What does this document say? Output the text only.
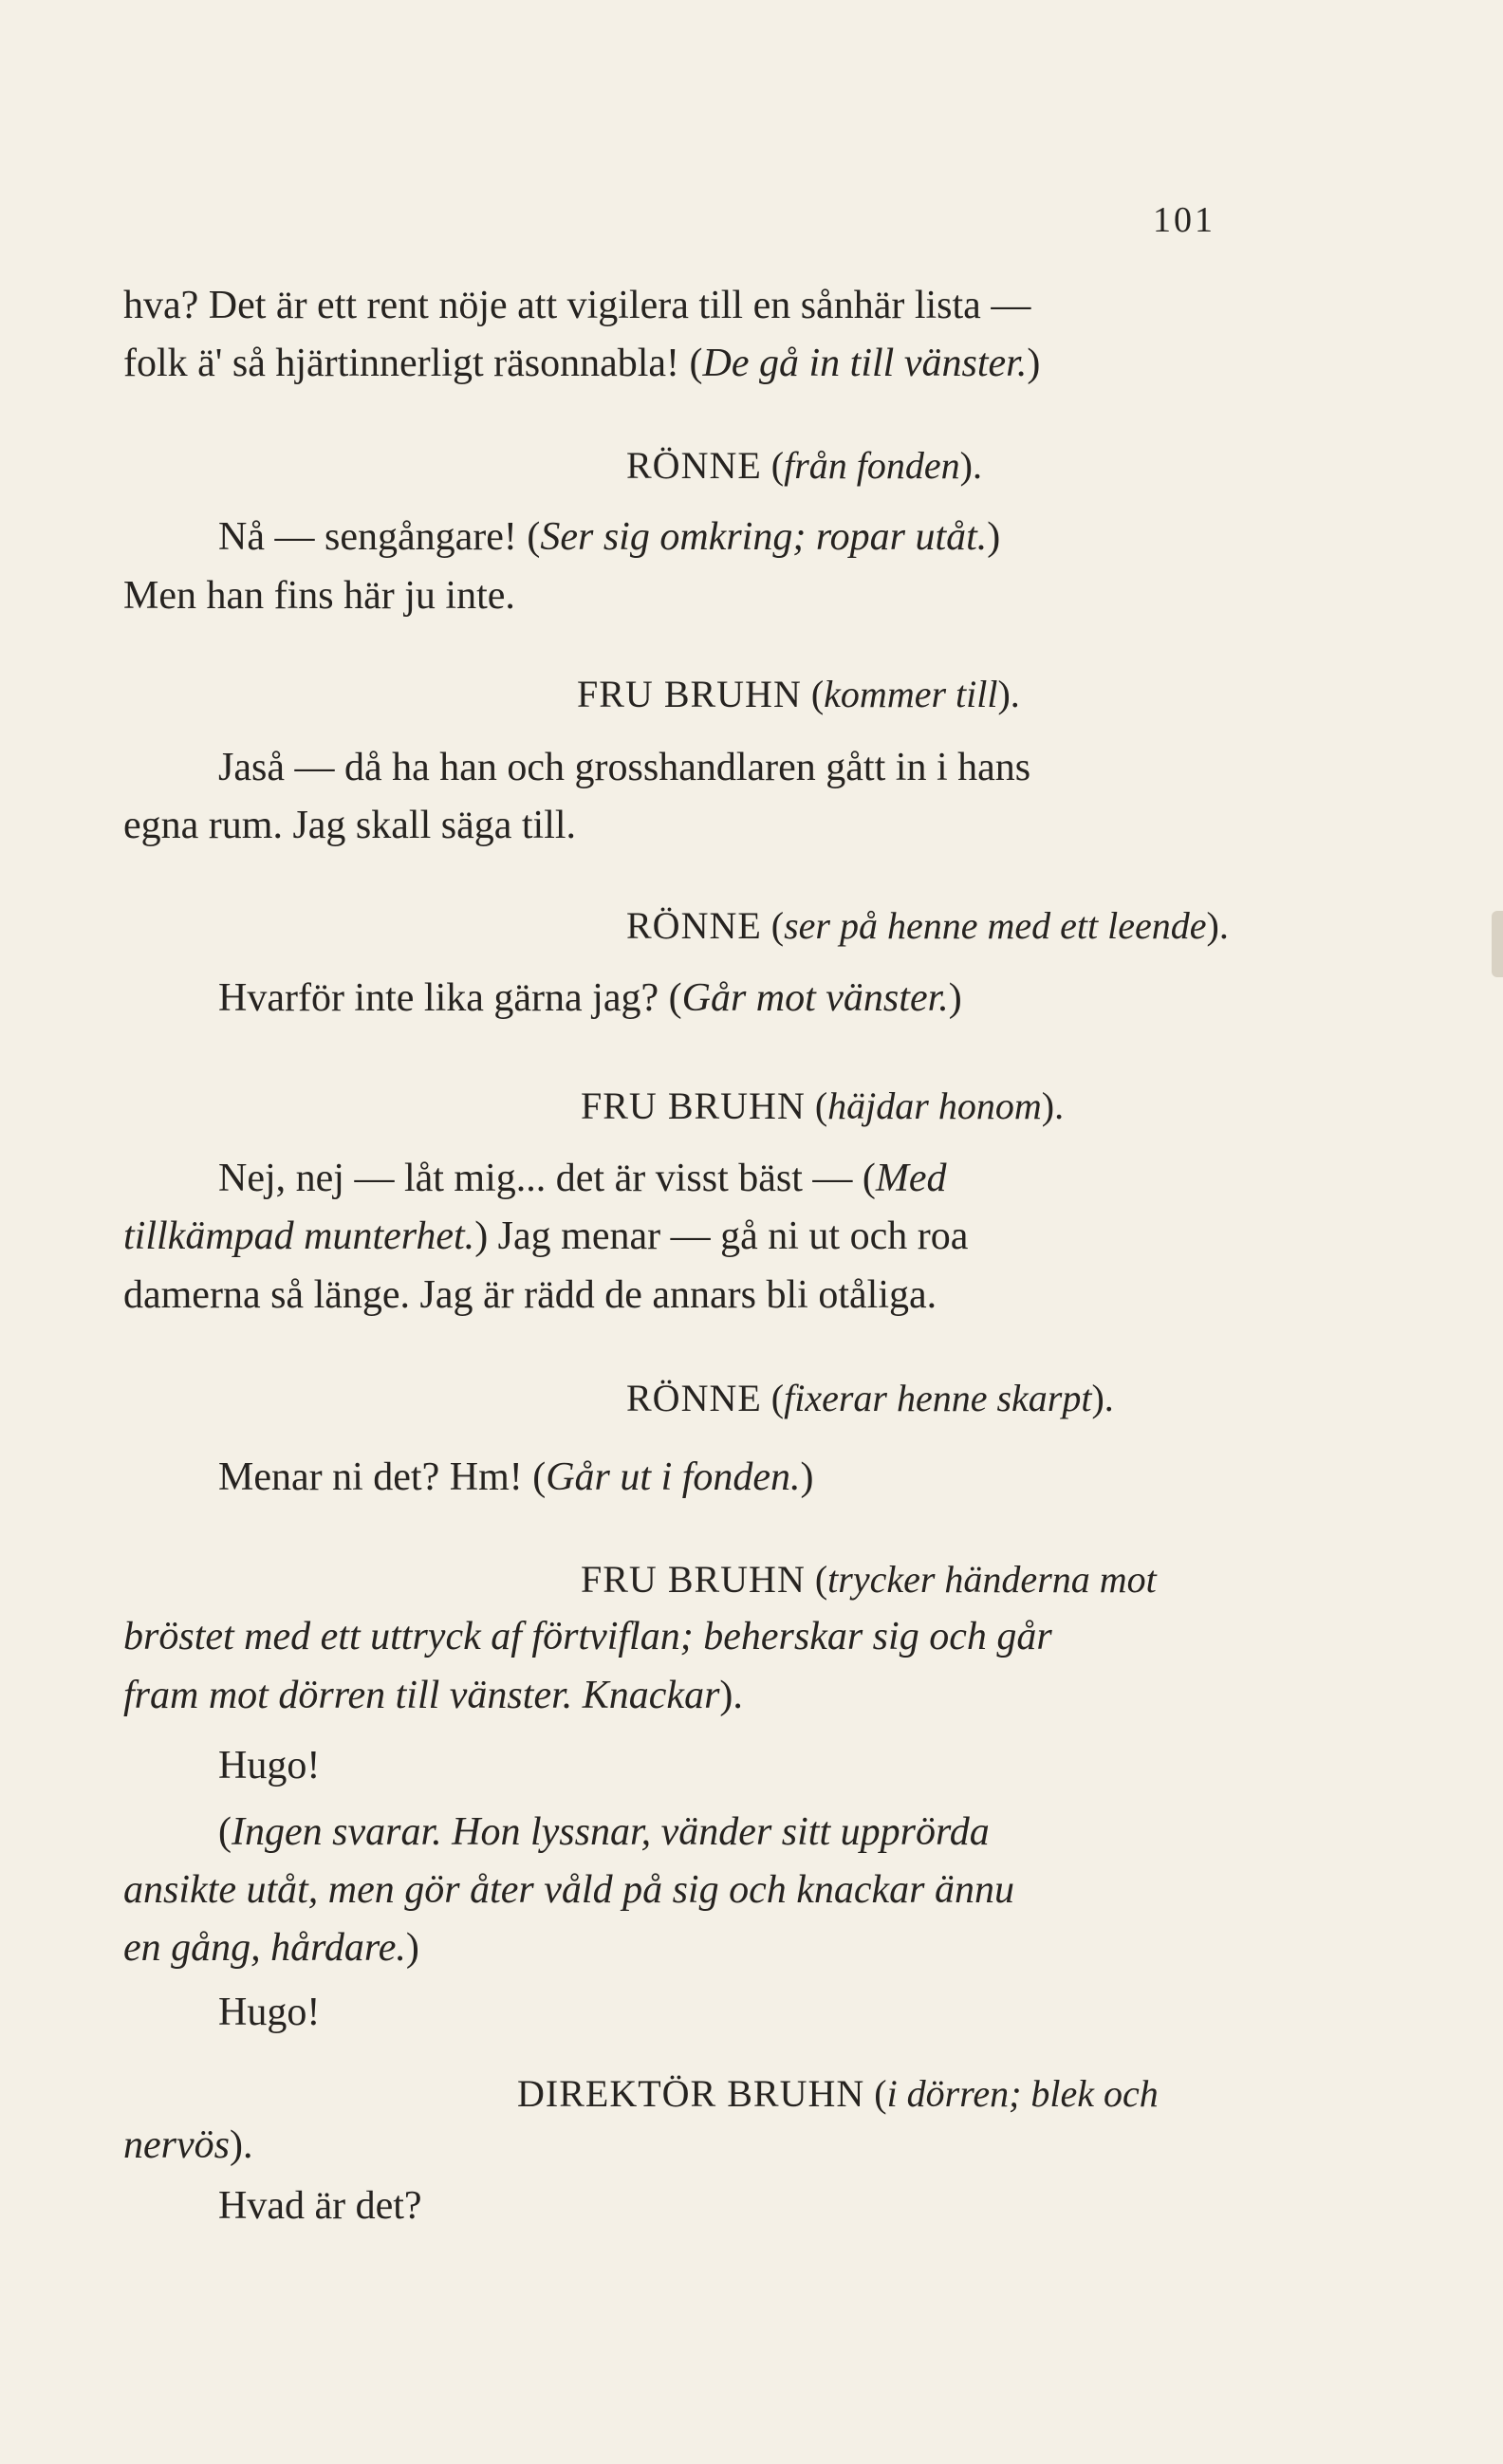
101
hva? Det är ett rent nöje att vigilera till en sånhär lista —
folk ä' så hjärtinnerligt räsonnabla! (De gå in till vänster.)
RÖNNE (från fonden).
Nå — sengångare! (Ser sig omkring; ropar utåt.)
Men han fins här ju inte.
FRU BRUHN (kommer till).
Jaså — då ha han och grosshandlaren gått in i hans
egna rum. Jag skall säga till.
RÖNNE (ser på henne med ett leende).
Hvarför inte lika gärna jag? (Går mot vänster.)
FRU BRUHN (häjdar honom).
Nej, nej — låt mig... det är visst bäst — (Med
tillkämpad munterhet.) Jag menar — gå ni ut och roa
damerna så länge. Jag är rädd de annars bli otåliga.
RÖNNE (fixerar henne skarpt).
Menar ni det? Hm! (Går ut i fonden.)
FRU BRUHN (trycker händerna mot
bröstet med ett uttryck af förtviflan; beherskar sig och går
fram mot dörren till vänster. Knackar).
Hugo!
(Ingen svarar. Hon lyssnar, vänder sitt upprörda
ansikte utåt, men gör åter våld på sig och knackar ännu
en gång, hårdare.)
Hugo!
DIREKTÖR BRUHN (i dörren; blek och
nervös).
Hvad är det?
